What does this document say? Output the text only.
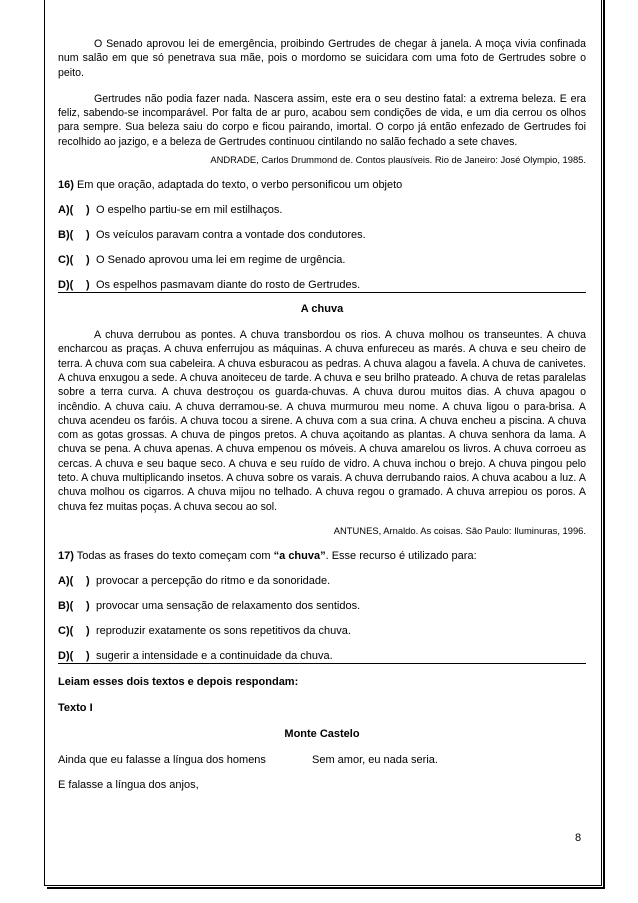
O Senado aprovou lei de emergência, proibindo Gertrudes de chegar à janela. A moça vivia confinada num salão em que só penetrava sua mãe, pois o mordomo se suicidara com uma foto de Gertrudes sobre o peito.

Gertrudes não podia fazer nada. Nascera assim, este era o seu destino fatal: a extrema beleza. E era feliz, sabendo-se incomparável. Por falta de ar puro, acabou sem condições de vida, e um dia cerrou os olhos para sempre. Sua beleza saiu do corpo e ficou pairando, imortal. O corpo já então enfezado de Gertrudes foi recolhido ao jazigo, e a beleza de Gertrudes continuou cintilando no salão fechado a sete chaves.

ANDRADE, Carlos Drummond de. Contos plausíveis. Rio de Janeiro: José Olympio, 1985.

16) Em que oração, adaptada do texto, o verbo personificou um objeto

A)(	) O espelho partiu-se em mil estilhaços.
B)(	) Os veículos paravam contra a vontade dos condutores.
C)(	) O Senado aprovou uma lei em regime de urgência.
D)(	) Os espelhos pasmavam diante do rosto de Gertrudes.

A chuva

A chuva derrubou as pontes. A chuva transbordou os rios. A chuva molhou os transeuntes. A chuva encharcou as praças. A chuva enferrujou as máquinas. A chuva enfureceu as marés. A chuva e seu cheiro de terra. A chuva com sua cabeleira. A chuva esburacou as pedras. A chuva alagou a favela. A chuva de canivetes. A chuva enxugou a sede. A chuva anoiteceu de tarde. A chuva e seu brilho prateado. A chuva de retas paralelas sobre a terra curva. A chuva destroçou os guarda-chuvas. A chuva durou muitos dias. A chuva apagou o incêndio. A chuva caiu. A chuva derramou-se. A chuva murmurou meu nome. A chuva ligou o para-brisa. A chuva acendeu os faróis. A chuva tocou a sirene. A chuva com a sua crina. A chuva encheu a piscina. A chuva com as gotas grossas. A chuva de pingos pretos. A chuva açoitando as plantas. A chuva senhora da lama. A chuva se pena. A chuva apenas. A chuva empenou os móveis. A chuva amarelou os livros. A chuva corroeu as cercas. A chuva e seu baque seco. A chuva e seu ruído de vidro. A chuva inchou o brejo. A chuva pingou pelo teto. A chuva multiplicando insetos. A chuva sobre os varais. A chuva derrubando raios. A chuva acabou a luz. A chuva molhou os cigarros. A chuva mijou no telhado. A chuva regou o gramado. A chuva arrepiou os poros. A chuva fez muitas poças. A chuva secou ao sol.

ANTUNES, Arnaldo. As coisas. São Paulo: Iluminuras, 1996.

17) Todas as frases do texto começam com “a chuva”. Esse recurso é utilizado para:

A)(	) provocar a percepção do ritmo e da sonoridade.
B)(	) provocar uma sensação de relaxamento dos sentidos.
C)(	) reproduzir exatamente os sons repetitivos da chuva.
D)(	) sugerir a intensidade e a continuidade da chuva.

Leiam esses dois textos e depois respondam:

Texto I

Monte Castelo

Ainda que eu falasse a língua dos homens	Sem amor, eu nada seria.

E falasse a língua dos anjos,

8
